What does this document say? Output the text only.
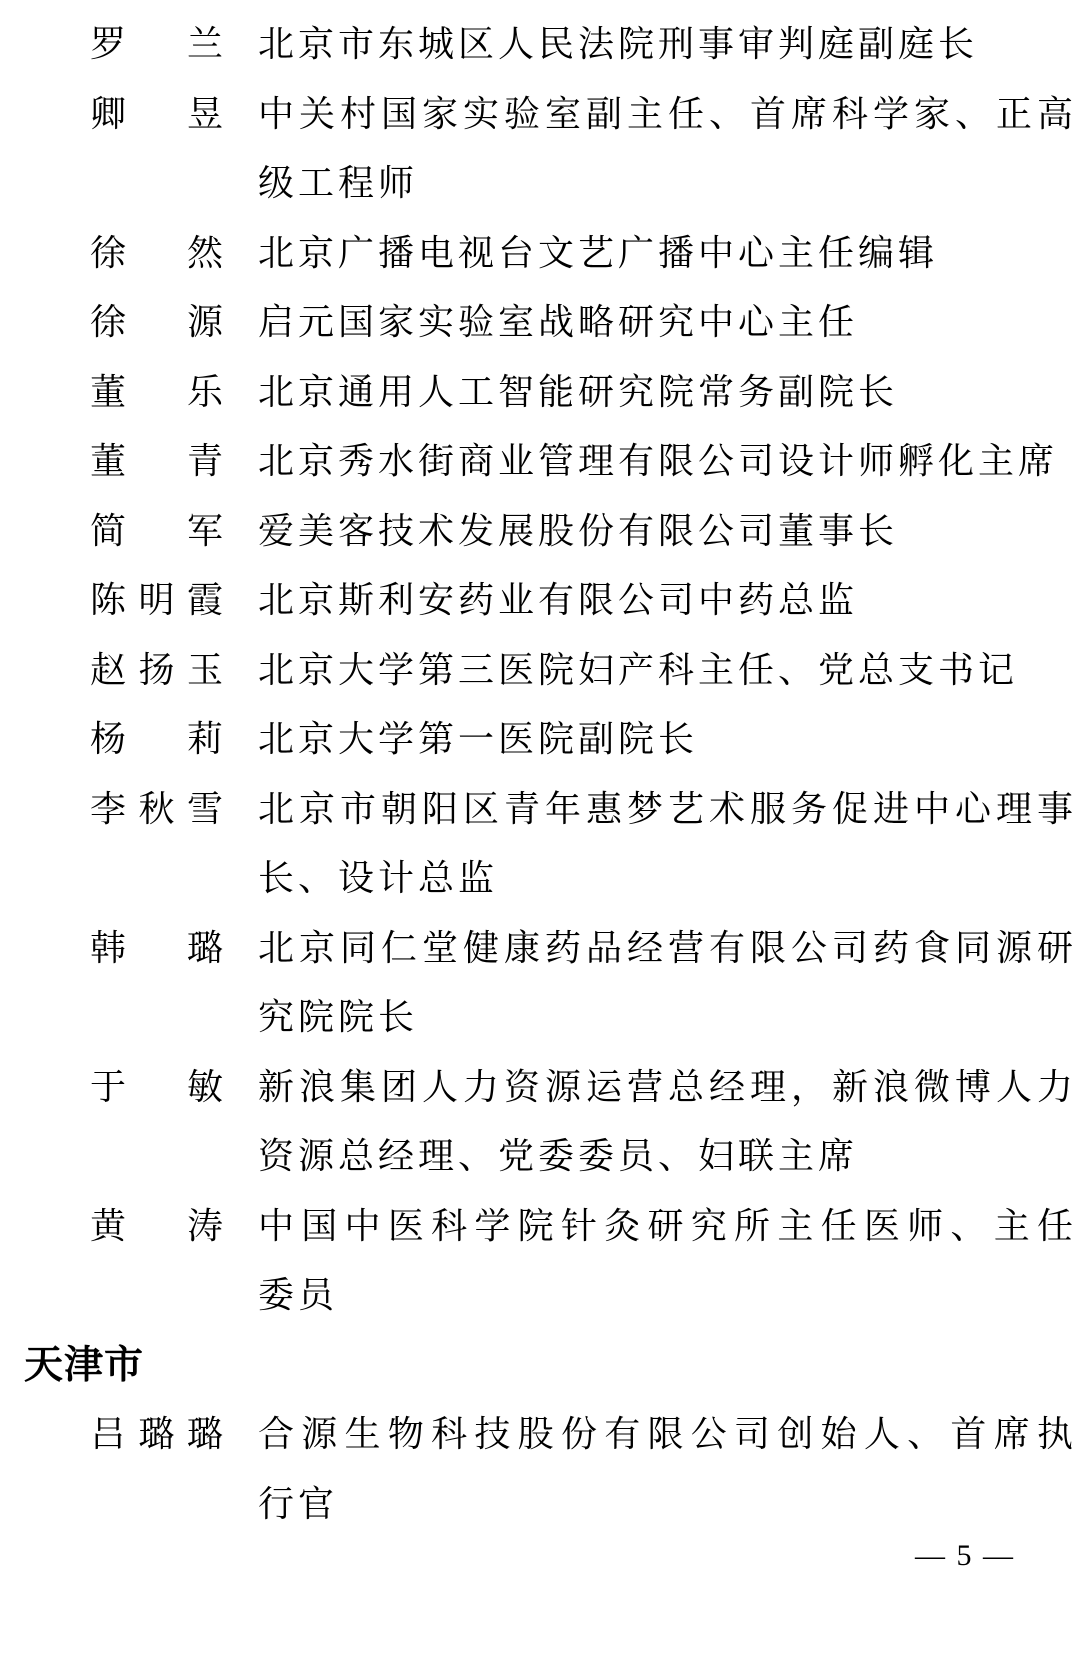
罗 兰 北京市东城区人民法院刑事审判庭副庭长
卿 昱 中关村国家实验室副主任、首席科学家、正高
级工程师
徐 然 北京广播电视台文艺广播中心主任编辑
徐 源 启元国家实验室战略研究中心主任
董 乐 北京通用人工智能研究院常务副院长
董 青 北京秀水街商业管理有限公司设计师孵化主席
简 军 爱美客技术发展股份有限公司董事长
陈 明 霞 北京斯利安药业有限公司中药总监
赵 扬 玉 北京大学第三医院妇产科主任、党总支书记
杨 莉 北京大学第一医院副院长
李 秋 雪 北京市朝阳区青年惠梦艺术服务促进中心理事
长、设计总监
韩 璐 北京同仁堂健康药品经营有限公司药食同源研
究院院长
于 敏 新浪集团人力资源运营总经理，新浪微博人力
资源总经理、党委委员、妇联主席
黄 涛 中国中医科学院针灸研究所主任医师、主任
委员
天津市
吕 璐 璐 合源生物科技股份有限公司创始人、首席执
行官
— 5 —
